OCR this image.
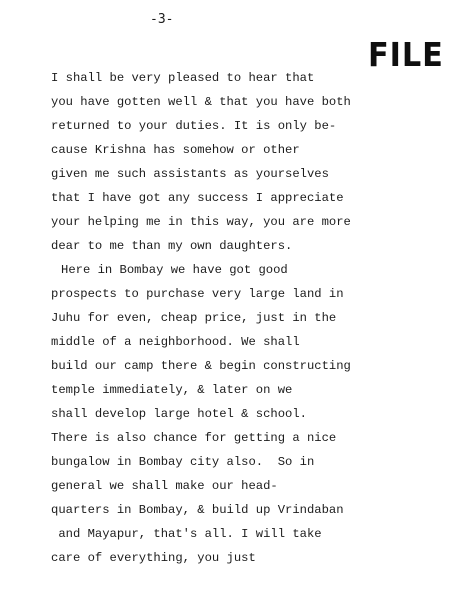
-3-
FILE
I shall be very pleased to hear that
you have gotten well & that you have both
returned to your duties. It is only be-
cause Krishna has somehow or other
given me such assistants as yourselves
that I have got any success I appreciate
your helping me in this way, you are more
dear to me than my own daughters.
Here in Bombay we have got good
prospects to purchase very large land in
Juhu for even, cheap price, just in the
middle of a neighborhood. We shall
build our camp there & begin constructing
temple immediately, & later on we
shall develop large hotel & school.
There is also chance for getting a nice
bungalow in Bombay city also.  So in
general we shall make our head-
quarters in Bombay, & build up Vrindaban
and Mayapur, that's all. I will take
care of everything, you just
